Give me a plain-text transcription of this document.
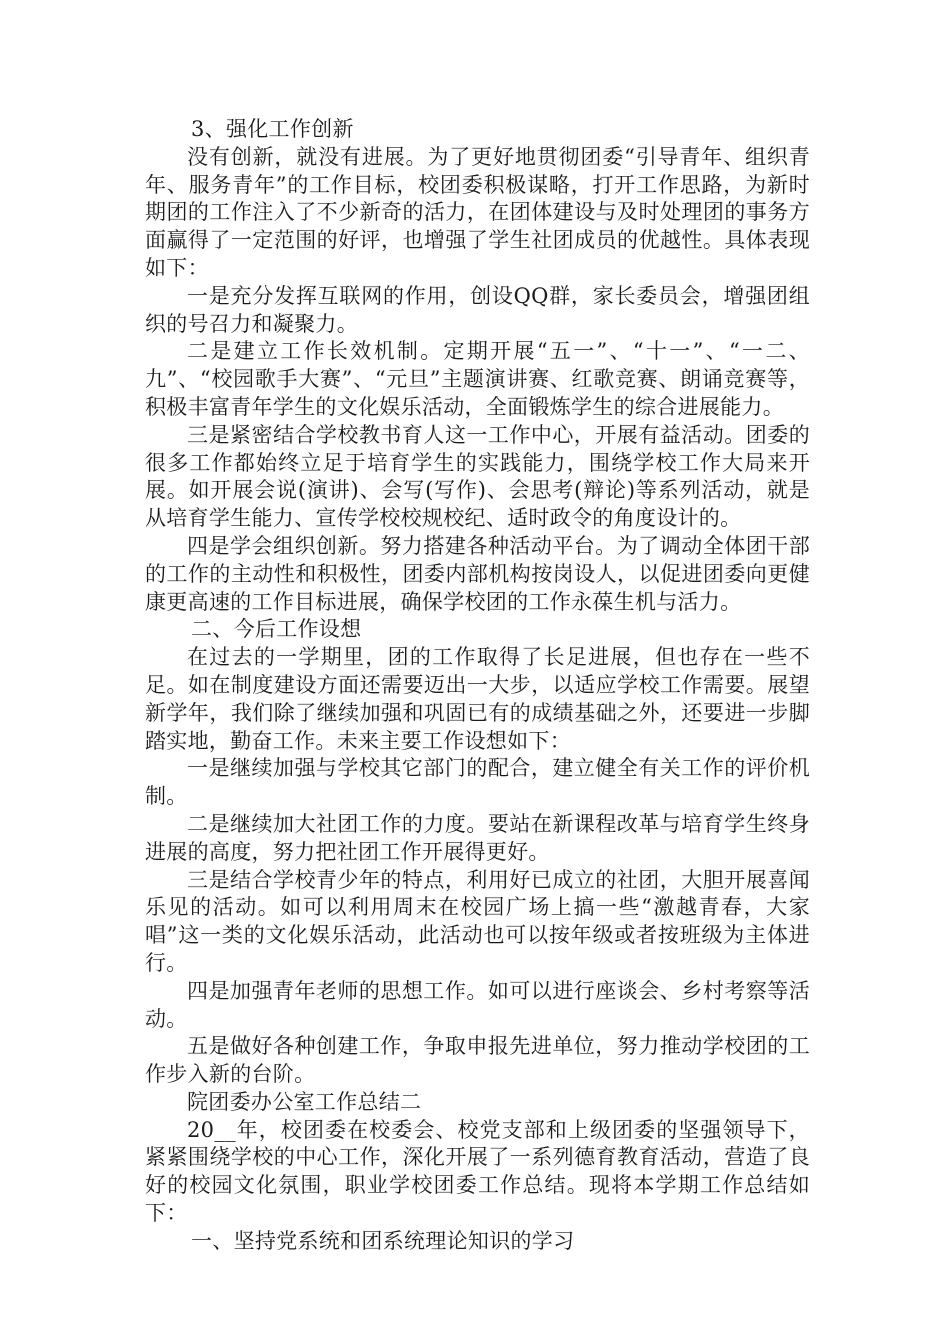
3、强化工作创新

没有创新，就没有进展。为了更好地贯彻团委“引导青年、组织青年、服务青年”的工作目标，校团委积极谋略，打开工作思路，为新时期团的工作注入了不少新奇的活力，在团体建设与及时处理团的事务方面赢得了一定范围的好评，也增强了学生社团成员的优越性。具体表现如下：

一是充分发挥互联网的作用，创设QQ群，家长委员会，增强团组织的号召力和凝聚力。

二是建立工作长效机制。定期开展“五一”、“十一”、“一二、九”、“校园歌手大赛”、“元旦”主题演讲赛、红歌竞赛、朗诵竞赛等，积极丰富青年学生的文化娱乐活动，全面锻炼学生的综合进展能力。

三是紧密结合学校教书育人这一工作中心，开展有益活动。团委的很多工作都始终立足于培育学生的实践能力，围绕学校工作大局来开展。如开展会说(演讲)、会写(写作)、会思考(辩论)等系列活动，就是从培育学生能力、宣传学校校规校纪、适时政令的角度设计的。

四是学会组织创新。努力搭建各种活动平台。为了调动全体团干部的工作的主动性和积极性，团委内部机构按岗设人，以促进团委向更健康更高速的工作目标进展，确保学校团的工作永葆生机与活力。

二、今后工作设想

在过去的一学期里，团的工作取得了长足进展，但也存在一些不足。如在制度建设方面还需要迈出一大步，以适应学校工作需要。展望新学年，我们除了继续加强和巩固已有的成绩基础之外，还要进一步脚踏实地，勤奋工作。未来主要工作设想如下：

一是继续加强与学校其它部门的配合，建立健全有关工作的评价机制。

二是继续加大社团工作的力度。要站在新课程改革与培育学生终身进展的高度，努力把社团工作开展得更好。

三是结合学校青少年的特点，利用好已成立的社团，大胆开展喜闻乐见的活动。如可以利用周末在校园广场上搞一些“激越青春，大家唱”这一类的文化娱乐活动，此活动也可以按年级或者按班级为主体进行。

四是加强青年老师的思想工作。如可以进行座谈会、乡村考察等活动。

五是做好各种创建工作，争取申报先进单位，努力推动学校团的工作步入新的台阶。

院团委办公室工作总结二

20__年，校团委在校委会、校党支部和上级团委的坚强领导下，紧紧围绕学校的中心工作，深化开展了一系列德育教育活动，营造了良好的校园文化氛围，职业学校团委工作总结。现将本学期工作总结如下：

一、坚持党系统和团系统理论知识的学习
